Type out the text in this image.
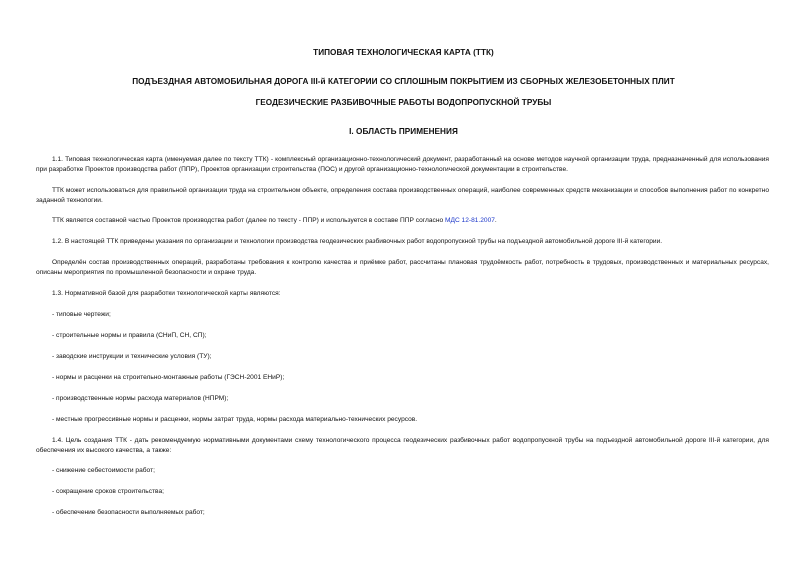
ТИПОВАЯ ТЕХНОЛОГИЧЕСКАЯ КАРТА (ТТК)
ПОДЪЕЗДНАЯ АВТОМОБИЛЬНАЯ ДОРОГА III-й КАТЕГОРИИ СО СПЛОШНЫМ ПОКРЫТИЕМ ИЗ СБОРНЫХ ЖЕЛЕЗОБЕТОННЫХ ПЛИТ
ГЕОДЕЗИЧЕСКИЕ РАЗБИВОЧНЫЕ РАБОТЫ ВОДОПРОПУСКНОЙ ТРУБЫ
I. ОБЛАСТЬ ПРИМЕНЕНИЯ
1.1. Типовая технологическая карта (именуемая далее по тексту ТТК) - комплексный организационно-технологический документ, разработанный на основе методов научной организации труда, предназначенный для использования при разработке Проектов производства работ (ППР), Проектов организации строительства (ПОС) и другой организационно-технологической документации в строительстве.
ТТК может использоваться для правильной организации труда на строительном объекте, определения состава производственных операций, наиболее современных средств механизации и способов выполнения работ по конкретно заданной технологии.
ТТК является составной частью Проектов производства работ (далее по тексту - ППР) и используется в составе ППР согласно МДС 12-81.2007.
1.2. В настоящей ТТК приведены указания по организации и технологии производства геодезических разбивочных работ водопропускной трубы на подъездной автомобильной дороге III-й категории.
Определён состав производственных операций, разработаны требования к контролю качества и приёмке работ, рассчитаны плановая трудоёмкость работ, потребность в трудовых, производственных и материальных ресурсах, описаны мероприятия по промышленной безопасности и охране труда.
1.3. Нормативной базой для разработки технологической карты являются:
- типовые чертежи;
- строительные нормы и правила (СНиП, СН, СП);
- заводские инструкции и технические условия (ТУ);
- нормы и расценки на строительно-монтажные работы (ГЭСН-2001 ЕНиР);
- производственные нормы расхода материалов (НПРМ);
- местные прогрессивные нормы и расценки, нормы затрат труда, нормы расхода материально-технических ресурсов.
1.4. Цель создания ТТК - дать рекомендуемую нормативными документами схему технологического процесса геодезических разбивочных работ водопропускной трубы на подъездной автомобильной дороге III-й категории, для обеспечения их высокого качества, а также:
- снижение себестоимости работ;
- сокращение сроков строительства;
- обеспечение безопасности выполняемых работ;
